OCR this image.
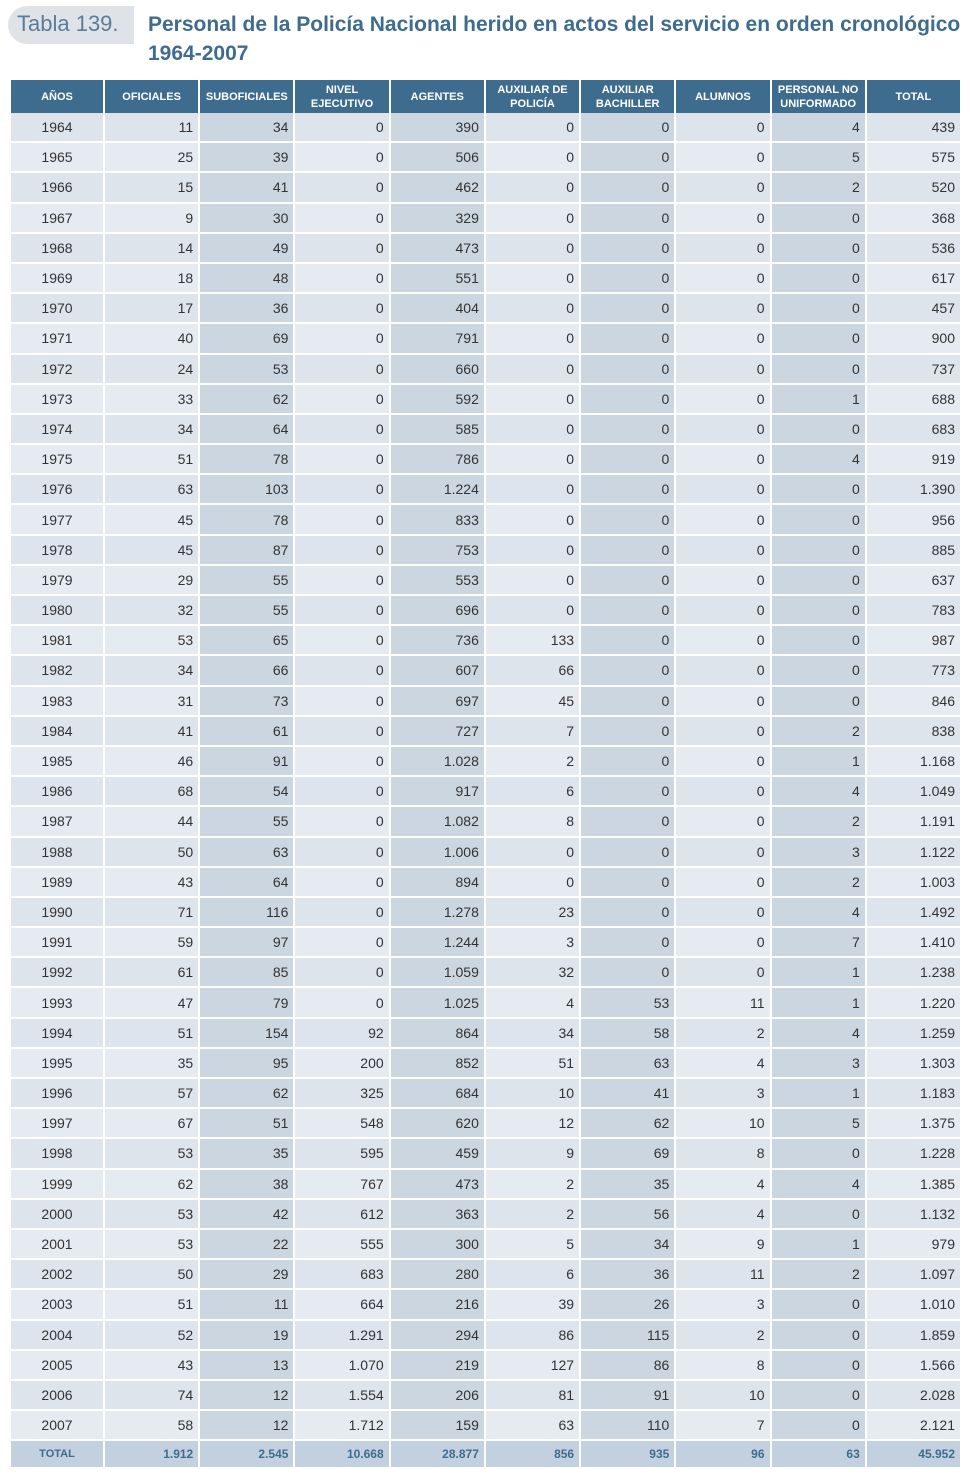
Tabla 139. Personal de la Policía Nacional herido en actos del servicio en orden cronológico 1964-2007
AÑOS	OFICIALES	SUBOFICIALES	NIVEL EJECUTIVO	AGENTES	AUXILIAR DE POLICÍA	AUXILIAR BACHILLER	ALUMNOS	PERSONAL NO UNIFORMADO	TOTAL
1964	11	34	0	390	0	0	0	4	439
1965	25	39	0	506	0	0	0	5	575
1966	15	41	0	462	0	0	0	2	520
1967	9	30	0	329	0	0	0	0	368
1968	14	49	0	473	0	0	0	0	536
1969	18	48	0	551	0	0	0	0	617
1970	17	36	0	404	0	0	0	0	457
1971	40	69	0	791	0	0	0	0	900
1972	24	53	0	660	0	0	0	0	737
1973	33	62	0	592	0	0	0	1	688
1974	34	64	0	585	0	0	0	0	683
1975	51	78	0	786	0	0	0	4	919
1976	63	103	0	1.224	0	0	0	0	1.390
1977	45	78	0	833	0	0	0	0	956
1978	45	87	0	753	0	0	0	0	885
1979	29	55	0	553	0	0	0	0	637
1980	32	55	0	696	0	0	0	0	783
1981	53	65	0	736	133	0	0	0	987
1982	34	66	0	607	66	0	0	0	773
1983	31	73	0	697	45	0	0	0	846
1984	41	61	0	727	7	0	0	2	838
1985	46	91	0	1.028	2	0	0	1	1.168
1986	68	54	0	917	6	0	0	4	1.049
1987	44	55	0	1.082	8	0	0	2	1.191
1988	50	63	0	1.006	0	0	0	3	1.122
1989	43	64	0	894	0	0	0	2	1.003
1990	71	116	0	1.278	23	0	0	4	1.492
1991	59	97	0	1.244	3	0	0	7	1.410
1992	61	85	0	1.059	32	0	0	1	1.238
1993	47	79	0	1.025	4	53	11	1	1.220
1994	51	154	92	864	34	58	2	4	1.259
1995	35	95	200	852	51	63	4	3	1.303
1996	57	62	325	684	10	41	3	1	1.183
1997	67	51	548	620	12	62	10	5	1.375
1998	53	35	595	459	9	69	8	0	1.228
1999	62	38	767	473	2	35	4	4	1.385
2000	53	42	612	363	2	56	4	0	1.132
2001	53	22	555	300	5	34	9	1	979
2002	50	29	683	280	6	36	11	2	1.097
2003	51	11	664	216	39	26	3	0	1.010
2004	52	19	1.291	294	86	115	2	0	1.859
2005	43	13	1.070	219	127	86	8	0	1.566
2006	74	12	1.554	206	81	91	10	0	2.028
2007	58	12	1.712	159	63	110	7	0	2.121
TOTAL	1.912	2.545	10.668	28.877	856	935	96	63	45.952
